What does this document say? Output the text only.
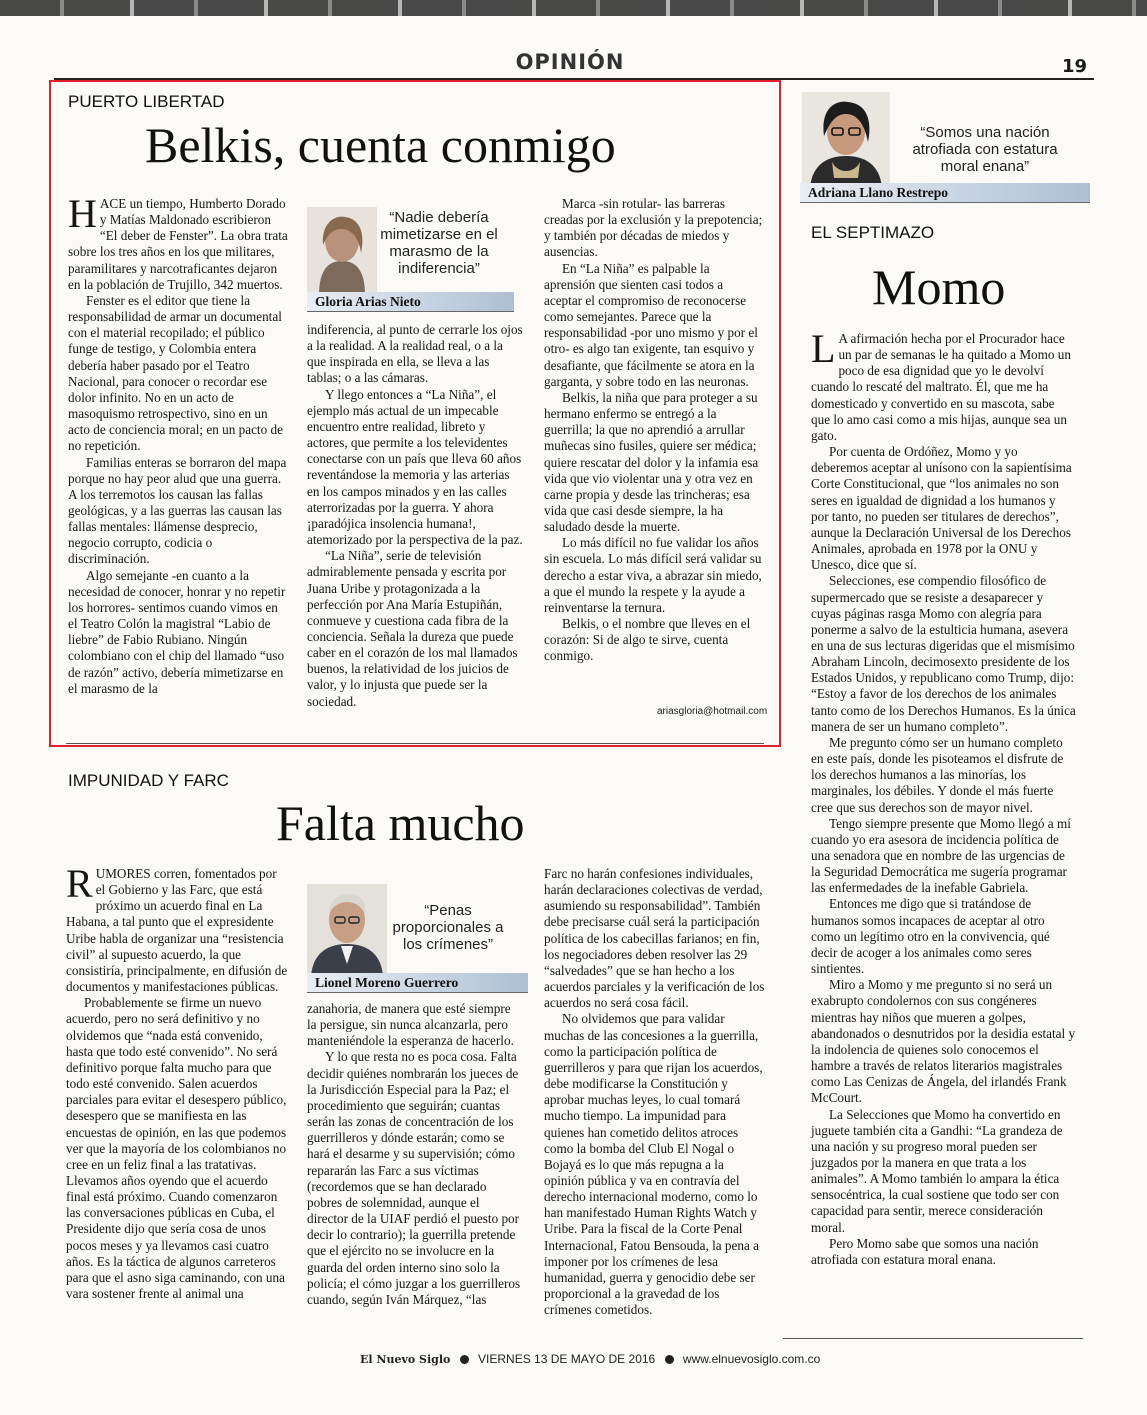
OPINIÓN	19
PUERTO LIBERTAD
Belkis, cuenta conmigo

HACE un tiempo, Humberto Dorado y Matías Maldonado escribieron “El deber de Fenster”. La obra trata sobre los tres años en los que militares, paramilitares y narcotraficantes dejaron en la población de Trujillo, 342 muertos.

Fenster es el editor que tiene la responsabilidad de armar un documental con el material recopilado; el público funge de testigo, y Colombia entera debería haber pasado por el Teatro Nacional, para conocer o recordar ese dolor infinito. No en un acto de masoquismo retrospectivo, sino en un acto de conciencia moral; en un pacto de no repetición.

Familias enteras se borraron del mapa porque no hay peor alud que una guerra. A los terremotos los causan las fallas geológicas, y a las guerras las causan las fallas mentales: llámense desprecio, negocio corrupto, codicia o discriminación.

Algo semejante -en cuanto a la necesidad de conocer, honrar y no repetir los horrores- sentimos cuando vimos en el Teatro Colón la magistral “Labio de liebre” de Fabio Rubiano. Ningún colombiano con el chip del llamado “uso de razón” activo, debería mimetizarse en el marasmo de la

“Nadie debería mimetizarse en el marasmo de la indiferencia”
Gloria Arias Nieto

indiferencia, al punto de cerrarle los ojos a la realidad. A la realidad real, o a la que inspirada en ella, se lleva a las tablas; o a las cámaras.

Y llego entonces a “La Niña”, el ejemplo más actual de un impecable encuentro entre realidad, libreto y actores, que permite a los televidentes conectarse con un país que lleva 60 años reventándose la memoria y las arterias en los campos minados y en las calles aterrorizadas por la guerra. Y ahora ¡paradójica insolencia humana!, atemorizado por la perspectiva de la paz.

“La Niña”, serie de televisión admirablemente pensada y escrita por Juana Uribe y protagonizada a la perfección por Ana María Estupiñán, conmueve y cuestiona cada fibra de la conciencia. Señala la dureza que puede caber en el corazón de los mal llamados buenos, la relatividad de los juicios de valor, y lo injusta que puede ser la sociedad.

Marca -sin rotular- las barreras creadas por la exclusión y la prepotencia; y también por décadas de miedos y ausencias.

En “La Niña” es palpable la aprensión que sienten casi todos a aceptar el compromiso de reconocerse como semejantes. Parece que la responsabilidad -por uno mismo y por el otro- es algo tan exigente, tan esquivo y desafiante, que fácilmente se atora en la garganta, y sobre todo en las neuronas.

Belkis, la niña que para proteger a su hermano enfermo se entregó a la guerrilla; la que no aprendió a arrullar muñecas sino fusiles, quiere ser médica; quiere rescatar del dolor y la infamia esa vida que vio violentar una y otra vez en carne propia y desde las trincheras; esa vida que casi desde siempre, la ha saludado desde la muerte.

Lo más difícil no fue validar los años sin escuela. Lo más difícil será validar su derecho a estar viva, a abrazar sin miedo, a que el mundo la respete y la ayude a reinventarse la ternura.

Belkis, o el nombre que lleves en el corazón: Si de algo te sirve, cuenta conmigo.

ariasgloria@hotmail.com
“Somos una nación atrofiada con estatura moral enana”
Adriana Llano Restrepo
EL SEPTIMAZO
Momo

L A afirmación hecha por el Procurador hace un par de semanas le ha quitado a Momo un poco de esa dignidad que yo le devolví cuando lo rescaté del maltrato. Él, que me ha domesticado y convertido en su mascota, sabe que lo amo casi como a mis hijas, aunque sea un gato.

Por cuenta de Ordóñez, Momo y yo deberemos aceptar al unísono con la sapientísima Corte Constitucional, que “los animales no son seres en igualdad de dignidad a los humanos y por tanto, no pueden ser titulares de derechos”, aunque la Declaración Universal de los Derechos Animales, aprobada en 1978 por la ONU y Unesco, dice que sí.

Selecciones, ese compendio filosófico de supermercado que se resiste a desaparecer y cuyas páginas rasga Momo con alegría para ponerme a salvo de la estulticia humana, asevera en una de sus lecturas digeridas que el mismísimo Abraham Lincoln, decimosexto presidente de los Estados Unidos, y republicano como Trump, dijo: “Estoy a favor de los derechos de los animales tanto como de los Derechos Humanos. Es la única manera de ser un humano completo”.

Me pregunto cómo ser un humano completo en este país, donde les pisoteamos el disfrute de los derechos humanos a las minorías, los marginales, los débiles. Y donde el más fuerte cree que sus derechos son de mayor nivel.

Tengo siempre presente que Momo llegó a mí cuando yo era asesora de incidencia política de una senadora que en nombre de las urgencias de la Seguridad Democrática me sugería programar las enfermedades de la inefable Gabriela.

Entonces me digo que si tratándose de humanos somos incapaces de aceptar al otro como un legítimo otro en la convivencia, qué decir de acoger a los animales como seres sintientes.

Miro a Momo y me pregunto si no será un exabrupto condolernos con sus congéneres mientras hay niños que mueren a golpes, abandonados o desnutridos por la desidia estatal y la indolencia de quienes solo conocemos el hambre a través de relatos literarios magistrales como Las Cenizas de Ángela, del irlandés Frank McCourt.

La Selecciones que Momo ha convertido en juguete también cita a Gandhi: “La grandeza de una nación y su progreso moral pueden ser juzgados por la manera en que trata a los animales”. A Momo también lo ampara la ética sensocéntrica, la cual sostiene que todo ser con capacidad para sentir, merece consideración moral.

Pero Momo sabe que somos una nación atrofiada con estatura moral enana.

IMPUNIDAD Y FARC
Falta mucho

RUMORES corren, fomentados por el Gobierno y las Farc, que está próximo un acuerdo final en La Habana, a tal punto que el expresidente Uribe habla de organizar una “resistencia civil” al supuesto acuerdo, la que consistiría, principalmente, en difusión de documentos y manifestaciones públicas.

Probablemente se firme un nuevo acuerdo, pero no será definitivo y no olvidemos que “nada está convenido, hasta que todo esté convenido”. No será definitivo porque falta mucho para que todo esté convenido. Salen acuerdos parciales para evitar el desespero público, desespero que se manifiesta en las encuestas de opinión, en las que podemos ver que la mayoría de los colombianos no cree en un feliz final a las tratativas. Llevamos años oyendo que el acuerdo final está próximo. Cuando comenzaron las conversaciones públicas en Cuba, el Presidente dijo que sería cosa de unos pocos meses y ya llevamos casi cuatro años. Es la táctica de algunos carreteros para que el asno siga caminando, con una vara sostener frente al animal una

“Penas proporcionales a los crímenes”
Lionel Moreno Guerrero

zanahoria, de manera que esté siempre la persigue, sin nunca alcanzarla, pero manteniéndole la esperanza de hacerlo.

Y lo que resta no es poca cosa. Falta decidir quiénes nombrarán los jueces de la Jurisdicción Especial para la Paz; el procedimiento que seguirán; cuantas serán las zonas de concentración de los guerrilleros y dónde estarán; como se hará el desarme y su supervisión; cómo repararán las Farc a sus víctimas (recordemos que se han declarado pobres de solemnidad, aunque el director de la UIAF perdió el puesto por decir lo contrario); la guerrilla pretende que el ejército no se involucre en la guarda del orden interno sino solo la policía; el cómo juzgar a los guerrilleros cuando, según Iván Márquez, “las

Farc no harán confesiones individuales, harán declaraciones colectivas de verdad, asumiendo su responsabilidad”. También debe precisarse cuál será la participación política de los cabecillas farianos; en fin, los negociadores deben resolver las 29 “salvedades” que se han hecho a los acuerdos parciales y la verificación de los acuerdos no será cosa fácil.

No olvidemos que para validar muchas de las concesiones a la guerrilla, como la participación política de guerrilleros y para que rijan los acuerdos, debe modificarse la Constitución y aprobar muchas leyes, lo cual tomará mucho tiempo. La impunidad para quienes han cometido delitos atroces como la bomba del Club El Nogal o Bojayá es lo que más repugna a la opinión pública y va en contravía del derecho internacional moderno, como lo han manifestado Human Rights Watch y Uribe. Para la fiscal de la Corte Penal Internacional, Fatou Bensouda, la pena a imponer por los crímenes de lesa humanidad, guerra y genocidio debe ser proporcional a la gravedad de los crímenes cometidos.

El Nuevo Siglo VIERNES 13 DE MAYO DE 2016 www.elnuevosiglo.com.co
